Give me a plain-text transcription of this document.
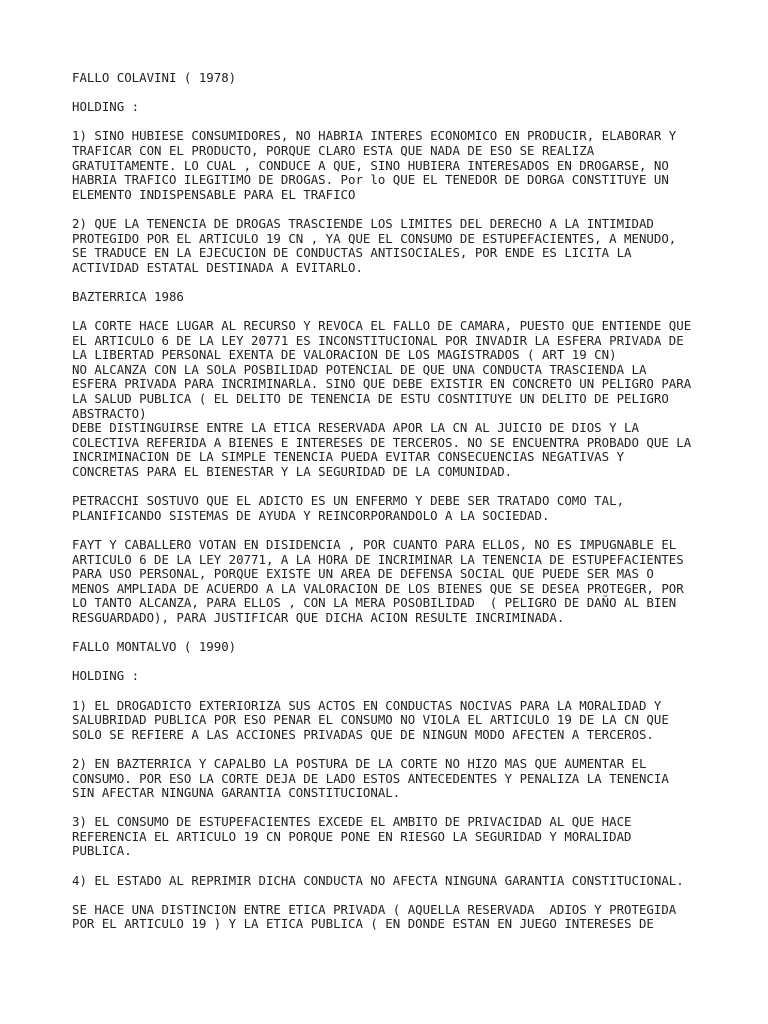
FALLO COLAVINI ( 1978)
HOLDING :
1) SINO HUBIESE CONSUMIDORES, NO HABRIA INTERES ECONOMICO EN PRODUCIR, ELABORAR Y
TRAFICAR CON EL PRODUCTO, PORQUE CLARO ESTA QUE NADA DE ESO SE REALIZA
GRATUITAMENTE. LO CUAL , CONDUCE A QUE, SINO HUBIERA INTERESADOS EN DROGARSE, NO
HABRIA TRAFICO ILEGITIMO DE DROGAS. Por lo QUE EL TENEDOR DE DORGA CONSTITUYE UN
ELEMENTO INDISPENSABLE PARA EL TRAFICO
2) QUE LA TENENCIA DE DROGAS TRASCIENDE LOS LIMITES DEL DERECHO A LA INTIMIDAD
PROTEGIDO POR EL ARTICULO 19 CN , YA QUE EL CONSUMO DE ESTUPEFACIENTES, A MENUDO,
SE TRADUCE EN LA EJECUCION DE CONDUCTAS ANTISOCIALES, POR ENDE ES LICITA LA
ACTIVIDAD ESTATAL DESTINADA A EVITARLO.
BAZTERRICA 1986
LA CORTE HACE LUGAR AL RECURSO Y REVOCA EL FALLO DE CAMARA, PUESTO QUE ENTIENDE QUE
EL ARTICULO 6 DE LA LEY 20771 ES INCONSTITUCIONAL POR INVADIR LA ESFERA PRIVADA DE
LA LIBERTAD PERSONAL EXENTA DE VALORACION DE LOS MAGISTRADOS ( ART 19 CN)
NO ALCANZA CON LA SOLA POSBILIDAD POTENCIAL DE QUE UNA CONDUCTA TRASCIENDA LA
ESFERA PRIVADA PARA INCRIMINARLA. SINO QUE DEBE EXISTIR EN CONCRETO UN PELIGRO PARA
LA SALUD PUBLICA ( EL DELITO DE TENENCIA DE ESTU COSNTITUYE UN DELITO DE PELIGRO
ABSTRACTO)
DEBE DISTINGUIRSE ENTRE LA ETICA RESERVADA APOR LA CN AL JUICIO DE DIOS Y LA
COLECTIVA REFERIDA A BIENES E INTERESES DE TERCEROS. NO SE ENCUENTRA PROBADO QUE LA
INCRIMINACION DE LA SIMPLE TENENCIA PUEDA EVITAR CONSECUENCIAS NEGATIVAS Y
CONCRETAS PARA EL BIENESTAR Y LA SEGURIDAD DE LA COMUNIDAD.
PETRACCHI SOSTUVO QUE EL ADICTO ES UN ENFERMO Y DEBE SER TRATADO COMO TAL,
PLANIFICANDO SISTEMAS DE AYUDA Y REINCORPORANDOLO A LA SOCIEDAD.
FAYT Y CABALLERO VOTAN EN DISIDENCIA , POR CUANTO PARA ELLOS, NO ES IMPUGNABLE EL
ARTICULO 6 DE LA LEY 20771, A LA HORA DE INCRIMINAR LA TENENCIA DE ESTUPEFACIENTES
PARA USO PERSONAL, PORQUE EXISTE UN AREA DE DEFENSA SOCIAL QUE PUEDE SER MAS O
MENOS AMPLIADA DE ACUERDO A LA VALORACION DE LOS BIENES QUE SE DESEA PROTEGER, POR
LO TANTO ALCANZA, PARA ELLOS , CON LA MERA POSOBILIDAD  ( PELIGRO DE DAÑO AL BIEN
RESGUARDADO), PARA JUSTIFICAR QUE DICHA ACION RESULTE INCRIMINADA.
FALLO MONTALVO ( 1990)
HOLDING :
1) EL DROGADICTO EXTERIORIZA SUS ACTOS EN CONDUCTAS NOCIVAS PARA LA MORALIDAD Y
SALUBRIDAD PUBLICA POR ESO PENAR EL CONSUMO NO VIOLA EL ARTICULO 19 DE LA CN QUE
SOLO SE REFIERE A LAS ACCIONES PRIVADAS QUE DE NINGUN MODO AFECTEN A TERCEROS.
2) EN BAZTERRICA Y CAPALBO LA POSTURA DE LA CORTE NO HIZO MAS QUE AUMENTAR EL
CONSUMO. POR ESO LA CORTE DEJA DE LADO ESTOS ANTECEDENTES Y PENALIZA LA TENENCIA
SIN AFECTAR NINGUNA GARANTIA CONSTITUCIONAL.
3) EL CONSUMO DE ESTUPEFACIENTES EXCEDE EL AMBITO DE PRIVACIDAD AL QUE HACE
REFERENCIA EL ARTICULO 19 CN PORQUE PONE EN RIESGO LA SEGURIDAD Y MORALIDAD
PUBLICA.
4) EL ESTADO AL REPRIMIR DICHA CONDUCTA NO AFECTA NINGUNA GARANTIA CONSTITUCIONAL.
SE HACE UNA DISTINCION ENTRE ETICA PRIVADA ( AQUELLA RESERVADA  ADIOS Y PROTEGIDA
POR EL ARTICULO 19 ) Y LA ETICA PUBLICA ( EN DONDE ESTAN EN JUEGO INTERESES DE
